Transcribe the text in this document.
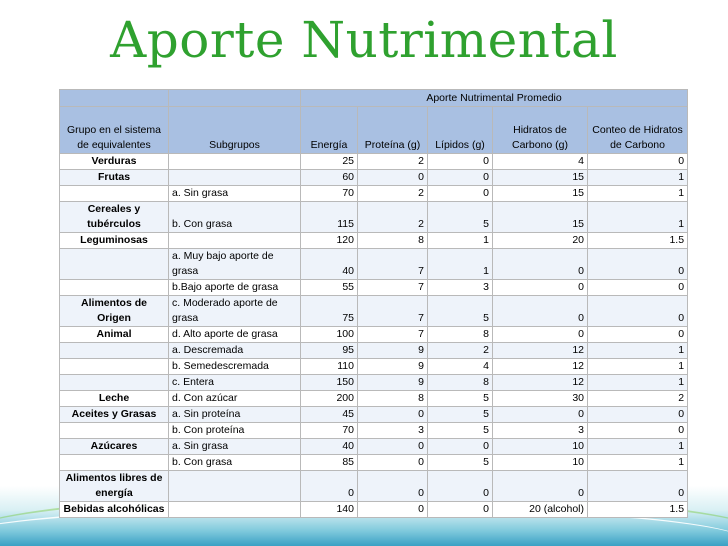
Aporte Nutrimental
		Aporte Nutrimental Promedio				
Grupo en el sistema de equivalentes	Subgrupos	Energía	Proteína (g)	Lípidos (g)	Hidratos de Carbono (g)	Conteo de Hidratos de Carbono
Verduras		25	2	0	4	0
Frutas		60	0	0	15	1
	a. Sin grasa	70	2	0	15	1
Cereales y tubérculos	b. Con grasa	115	2	5	15	1
Leguminosas		120	8	1	20	1.5
	a. Muy bajo aporte de grasa	40	7	1	0	0
	b.Bajo aporte de grasa	55	7	3	0	0
Alimentos de Origen	c. Moderado aporte de grasa	75	7	5	0	0
Animal	d. Alto aporte de grasa	100	7	8	0	0
	a. Descremada	95	9	2	12	1
	b. Semedescremada	110	9	4	12	1
	c. Entera	150	9	8	12	1
Leche	d. Con azúcar	200	8	5	30	2
Aceites y Grasas	a. Sin proteína	45	0	5	0	0
	b. Con proteína	70	3	5	3	0
Azúcares	a. Sin grasa	40	0	0	10	1
	b. Con grasa	85	0	5	10	1
Alimentos libres de energía		0	0	0	0	0
Bebidas alcohólicas		140	0	0	20 (alcohol)	1.5
